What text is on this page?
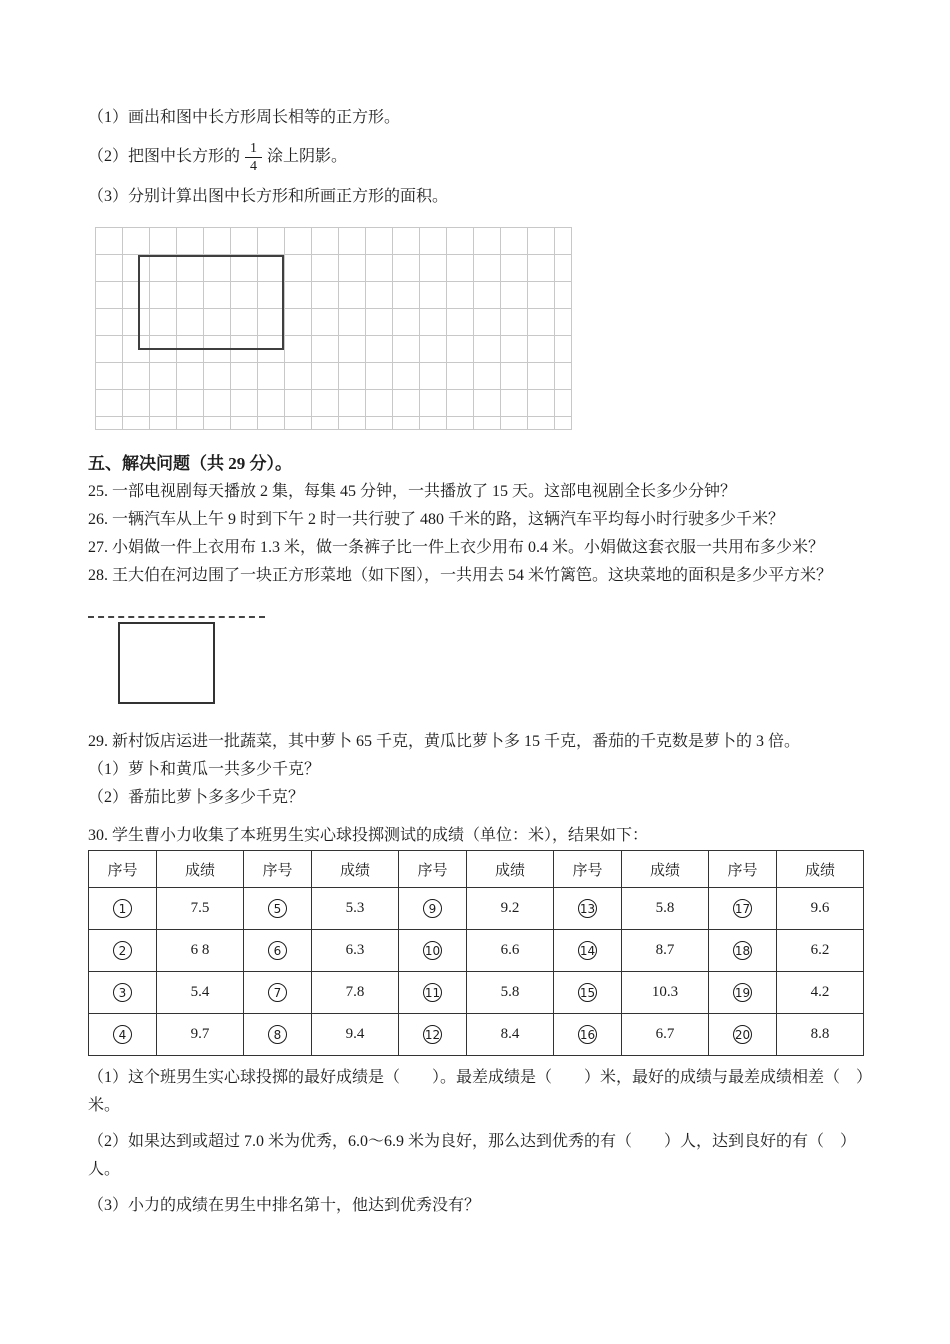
（1）画出和图中长方形周长相等的正方形。

（2）把图中长方形的 $\frac{1}{4}$ 涂上阴影。

（3）分别计算出图中长方形和所画正方形的面积。

五、解决问题（共 29 分）。

25. 一部电视剧每天播放 2 集，每集 45 分钟，一共播放了 15 天。这部电视剧全长多少分钟？

26. 一辆汽车从上午 9 时到下午 2 时一共行驶了 480 千米的路，这辆汽车平均每小时行驶多少千米？

27. 小娟做一件上衣用布 1.3 米，做一条裤子比一件上衣少用布 0.4 米。小娟做这套衣服一共用布多少米？

28. 王大伯在河边围了一块正方形菜地（如下图），一共用去 54 米竹篱笆。这块菜地的面积是多少平方米？

29. 新村饭店运进一批蔬菜，其中萝卜 65 千克，黄瓜比萝卜多 15 千克，番茄的千克数是萝卜的 3 倍。

（1）萝卜和黄瓜一共多少千克？

（2）番茄比萝卜多多少千克？

30. 学生曹小力收集了本班男生实心球投掷测试的成绩（单位：米），结果如下：

序号	成绩	序号	成绩	序号	成绩	序号	成绩	序号	成绩
1	7.5	5	5.3	9	9.2	13	5.8	17	9.6
2	6 8	6	6.3	10	6.6	14	8.7	18	6.2
3	5.4	7	7.8	11	5.8	15	10.3	19	4.2
4	9.7	8	9.4	12	8.4	16	6.7	20	8.8

（1）这个班男生实心球投掷的最好成绩是（　　）。最差成绩是（　　）米，最好的成绩与最差成绩相差（　）米。

（2）如果达到或超过 7.0 米为优秀，6.0～6.9 米为良好，那么达到优秀的有（　　）人，达到良好的有（　）人。

（3）小力的成绩在男生中排名第十，他达到优秀没有？
